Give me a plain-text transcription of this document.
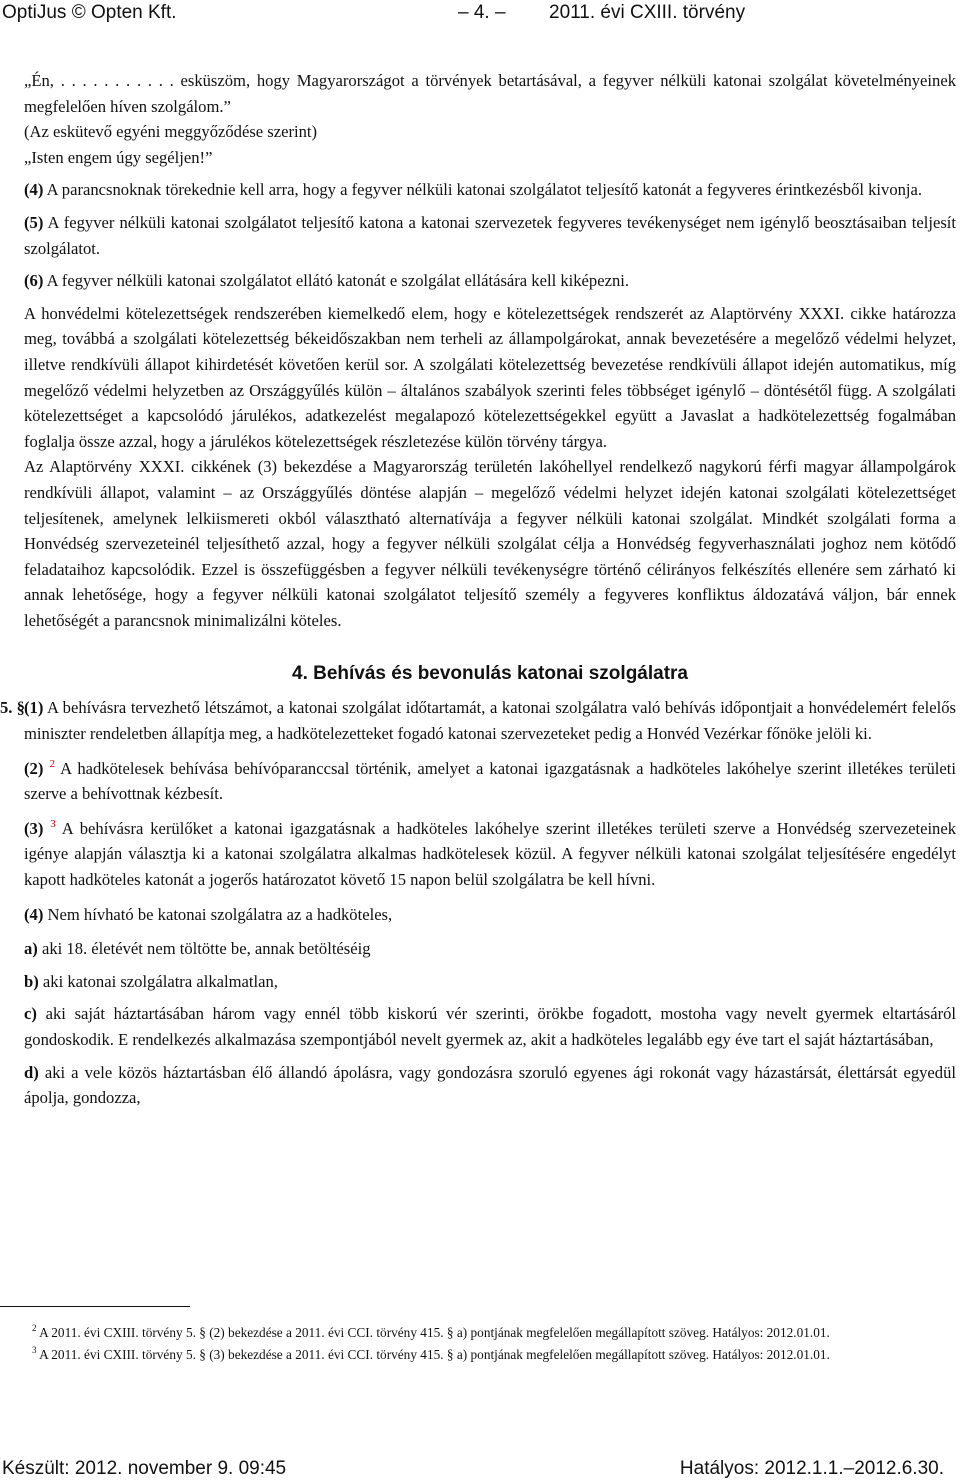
OptiJus © Opten Kft.	– 4. – 2011. évi CXIII. törvény

„Én, . . . . . . . . . . . esküszöm, hogy Magyarországot a törvények betartásával, a fegyver nélküli katonai szolgálat követelményeinek megfelelően híven szolgálom.”

(Az eskütevő egyéni meggyőződése szerint)

„Isten engem úgy segéljen!”

(4) A parancsnoknak törekednie kell arra, hogy a fegyver nélküli katonai szolgálatot teljesítő katonát a fegyveres érintkezésből kivonja.

(5) A fegyver nélküli katonai szolgálatot teljesítő katona a katonai szervezetek fegyveres tevékenységet nem igénylő beosztásaiban teljesít szolgálatot.

(6) A fegyver nélküli katonai szolgálatot ellátó katonát e szolgálat ellátására kell kiképezni.

A honvédelmi kötelezettségek rendszerében kiemelkedő elem, hogy e kötelezettségek rendszerét az Alaptörvény XXXI. cikke határozza meg, továbbá a szolgálati kötelezettség békeidőszakban nem terheli az állampolgárokat, annak bevezetésére a megelőző védelmi helyzet, illetve rendkívüli állapot kihirdetését követően kerül sor. A szolgálati kötelezettség bevezetése rendkívüli állapot idején automatikus, míg megelőző védelmi helyzetben az Országgyűlés külön – általános szabályok szerinti feles többséget igénylő – döntésétől függ. A szolgálati kötelezettséget a kapcsolódó járulékos, adatkezelést megalapozó kötelezettségekkel együtt a Javaslat a hadkötelezettség fogalmában foglalja össze azzal, hogy a járulékos kötelezettségek részletezése külön törvény tárgya.

Az Alaptörvény XXXI. cikkének (3) bekezdése a Magyarország területén lakóhellyel rendelkező nagykorú férfi magyar állampolgárok rendkívüli állapot, valamint – az Országgyűlés döntése alapján – megelőző védelmi helyzet idején katonai szolgálati kötelezettséget teljesítenek, amelynek lelkiismereti okból választható alternatívája a fegyver nélküli katonai szolgálat. Mindkét szolgálati forma a Honvédség szervezeteinél teljesíthető azzal, hogy a fegyver nélküli szolgálat célja a Honvédség fegyverhasználati joghoz nem kötődő feladataihoz kapcsolódik. Ezzel is összefüggésben a fegyver nélküli tevékenységre történő célirányos felkészítés ellenére sem zárható ki annak lehetősége, hogy a fegyver nélküli katonai szolgálatot teljesítő személy a fegyveres konfliktus áldozatává váljon, bár ennek lehetőségét a parancsnok minimalizálni köteles.

4. Behívás és bevonulás katonai szolgálatra

5. § (1) A behívásra tervezhető létszámot, a katonai szolgálat időtartamát, a katonai szolgálatra való behívás időpontjait a honvédelemért felelős miniszter rendeletben állapítja meg, a hadkötelezetteket fogadó katonai szervezeteket pedig a Honvéd Vezérkar főnöke jelöli ki.

(2) $^2$ A hadkötelesek behívása behívóparanccsal történik, amelyet a katonai igazgatásnak a hadköteles lakóhelye szerint illetékes területi szerve a behívottnak kézbesít.

(3) $^3$ A behívásra kerülőket a katonai igazgatásnak a hadköteles lakóhelye szerint illetékes területi szerve a Honvédség szervezeteinek igénye alapján választja ki a katonai szolgálatra alkalmas hadkötelesek közül. A fegyver nélküli katonai szolgálat teljesítésére engedélyt kapott hadköteles katonát a jogerős határozatot követő 15 napon belül szolgálatra be kell hívni.

(4) Nem hívható be katonai szolgálatra az a hadköteles,

a) aki 18. életévét nem töltötte be, annak betöltéséig

b) aki katonai szolgálatra alkalmatlan,

c) aki saját háztartásában három vagy ennél több kiskorú vér szerinti, örökbe fogadott, mostoha vagy nevelt gyermek eltartásáról gondoskodik. E rendelkezés alkalmazása szempontjából nevelt gyermek az, akit a hadköteles legalább egy éve tart el saját háztartásában,

d) aki a vele közös háztartásban élő állandó ápolásra, vagy gondozásra szoruló egyenes ági rokonát vagy házastársát, élettársát egyedül ápolja, gondozza,

$^2$ A 2011. évi CXIII. törvény 5. § (2) bekezdése a 2011. évi CCI. törvény 415. § a) pontjának megfelelően megállapított szöveg. Hatályos: 2012.01.01.

$^3$ A 2011. évi CXIII. törvény 5. § (3) bekezdése a 2011. évi CCI. törvény 415. § a) pontjának megfelelően megállapított szöveg. Hatályos: 2012.01.01.

Készült: 2012. november 9. 09:45	Hatályos: 2012.1.1.–2012.6.30.
